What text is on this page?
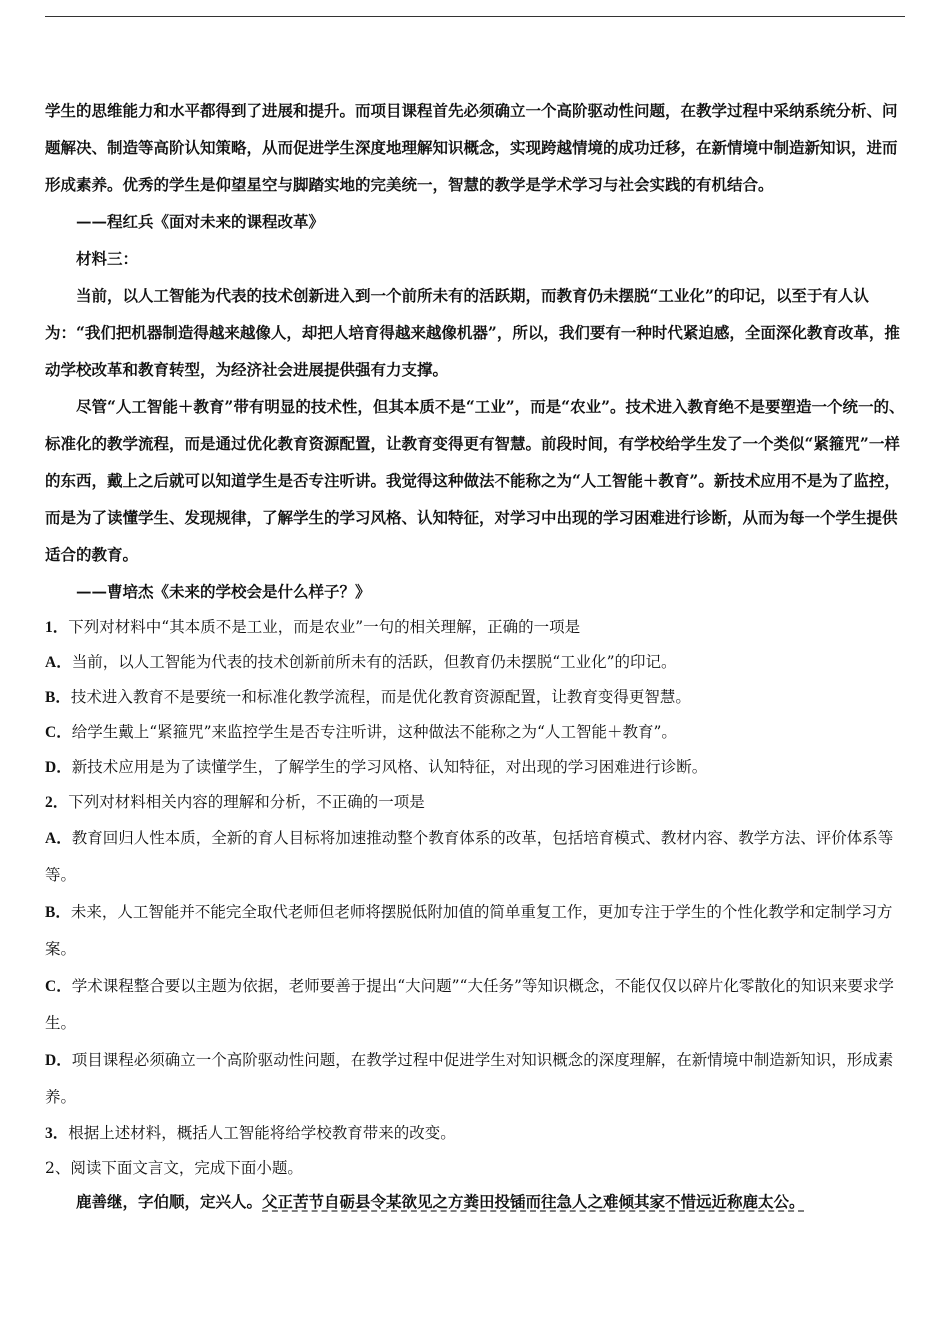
学生的思维能力和水平都得到了进展和提升。而项目课程首先必须确立一个高阶驱动性问题，在教学过程中采纳系统分析、问题解决、制造等高阶认知策略，从而促进学生深度地理解知识概念，实现跨越情境的成功迁移，在新情境中制造新知识，进而形成素养。优秀的学生是仰望星空与脚踏实地的完美统一，智慧的教学是学术学习与社会实践的有机结合。

——程红兵《面对未来的课程改革》

材料三：

当前，以人工智能为代表的技术创新进入到一个前所未有的活跃期，而教育仍未摆脱“工业化”的印记，以至于有人认为：“我们把机器制造得越来越像人，却把人培育得越来越像机器”，所以，我们要有一种时代紧迫感，全面深化教育改革，推动学校改革和教育转型，为经济社会进展提供强有力支撑。

尽管“人工智能＋教育”带有明显的技术性，但其本质不是“工业”，而是“农业”。技术进入教育绝不是要塑造一个统一的、标准化的教学流程，而是通过优化教育资源配置，让教育变得更有智慧。前段时间，有学校给学生发了一个类似“紧箍咒”一样的东西，戴上之后就可以知道学生是否专注听讲。我觉得这种做法不能称之为“人工智能＋教育”。新技术应用不是为了监控，而是为了读懂学生、发现规律，了解学生的学习风格、认知特征，对学习中出现的学习困难进行诊断，从而为每一个学生提供适合的教育。

——曹培杰《未来的学校会是什么样子？》

1．下列对材料中“其本质不是工业，而是农业”一句的相关理解，正确的一项是

A．当前，以人工智能为代表的技术创新前所未有的活跃，但教育仍未摆脱“工业化”的印记。

B．技术进入教育不是要统一和标准化教学流程，而是优化教育资源配置，让教育变得更智慧。

C．给学生戴上“紧箍咒”来监控学生是否专注听讲，这种做法不能称之为“人工智能＋教育”。

D．新技术应用是为了读懂学生，了解学生的学习风格、认知特征，对出现的学习困难进行诊断。

2．下列对材料相关内容的理解和分析，不正确的一项是

A．教育回归人性本质，全新的育人目标将加速推动整个教育体系的改革，包括培育模式、教材内容、教学方法、评价体系等等。

B．未来，人工智能并不能完全取代老师但老师将摆脱低附加值的简单重复工作，更加专注于学生的个性化教学和定制学习方案。

C．学术课程整合要以主题为依据，老师要善于提出“大问题”“大任务”等知识概念，不能仅仅以碎片化零散化的知识来要求学生。

D．项目课程必须确立一个高阶驱动性问题，在教学过程中促进学生对知识概念的深度理解，在新情境中制造新知识，形成素养。

3．根据上述材料，概括人工智能将给学校教育带来的改变。

2、阅读下面文言文，完成下面小题。

鹿善继，字伯顺，定兴人。父正苦节自砺县令某欲见之方粪田投锸而往急人之难倾其家不惜远近称鹿太公。
